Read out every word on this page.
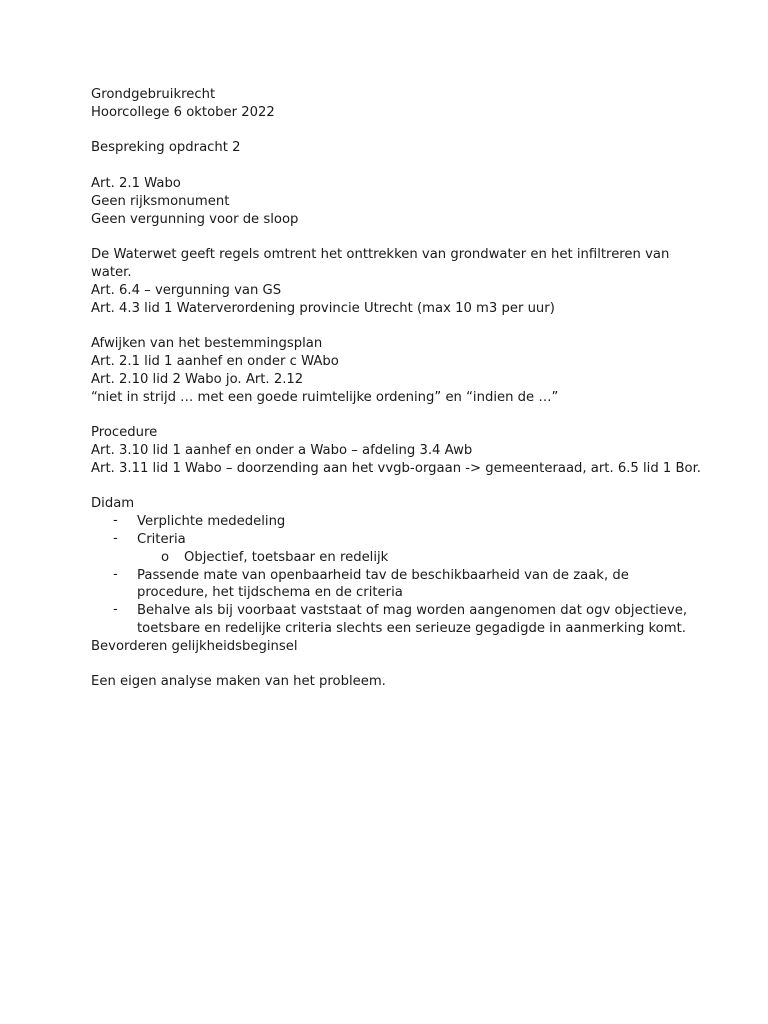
Grondgebruikrecht
Hoorcollege 6 oktober 2022
Bespreking opdracht 2
Art. 2.1 Wabo
Geen rijksmonument
Geen vergunning voor de sloop
De Waterwet geeft regels omtrent het onttrekken van grondwater en het infiltreren van
water.
Art. 6.4 – vergunning van GS
Art. 4.3 lid 1 Waterverordening provincie Utrecht (max 10 m3 per uur)
Afwijken van het bestemmingsplan
Art. 2.1 lid 1 aanhef en onder c WAbo
Art. 2.10 lid 2 Wabo jo. Art. 2.12
“niet in strijd … met een goede ruimtelijke ordening” en “indien de …”
Procedure
Art. 3.10 lid 1 aanhef en onder a Wabo – afdeling 3.4 Awb
Art. 3.11 lid 1 Wabo – doorzending aan het vvgb-orgaan -> gemeenteraad, art. 6.5 lid 1 Bor.
Didam
- Verplichte mededeling
- Criteria
o Objectief, toetsbaar en redelijk
- Passende mate van openbaarheid tav de beschikbaarheid van de zaak, de procedure, het tijdschema en de criteria
- Behalve als bij voorbaat vaststaat of mag worden aangenomen dat ogv objectieve, toetsbare en redelijke criteria slechts een serieuze gegadigde in aanmerking komt.
Bevorderen gelijkheidsbeginsel
Een eigen analyse maken van het probleem.
